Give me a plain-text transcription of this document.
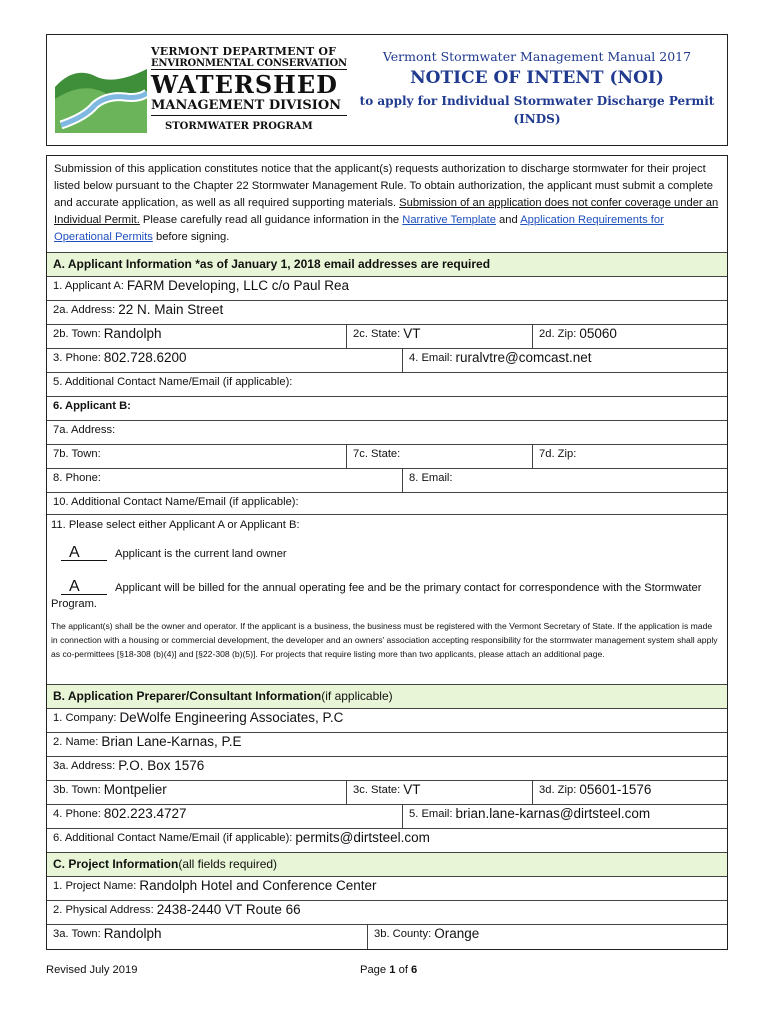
VERMONT DEPARTMENT OF
ENVIRONMENTAL CONSERVATION
WATERSHED
MANAGEMENT DIVISION
STORMWATER PROGRAM
Vermont Stormwater Management Manual 2017
NOTICE OF INTENT (NOI)
to apply for Individual Stormwater Discharge Permit
(INDS)
Submission of this application constitutes notice that the applicant(s) requests authorization to discharge stormwater for their project listed below pursuant to the Chapter 22 Stormwater Management Rule. To obtain authorization, the applicant must submit a complete and accurate application, as well as all required supporting materials. Submission of an application does not confer coverage under an Individual Permit. Please carefully read all guidance information in the Narrative Template and Application Requirements for Operational Permits before signing.
A. Applicant Information *as of January 1, 2018 email addresses are required
1. Applicant A: FARM Developing, LLC c/o Paul Rea
2a. Address: 22 N. Main Street
2b. Town: Randolph	2c. State: VT	2d. Zip: 05060
3. Phone: 802.728.6200	4. Email: ruralvtre@comcast.net
5. Additional Contact Name/Email (if applicable):
6. Applicant B:
7a. Address:
7b. Town:	7c. State:	7d. Zip:
8. Phone:	8. Email:
10. Additional Contact Name/Email (if applicable):
11. Please select either Applicant A or Applicant B:
A	Applicant is the current land owner
A	Applicant will be billed for the annual operating fee and be the primary contact for correspondence with the Stormwater Program.
The applicant(s) shall be the owner and operator. If the applicant is a business, the business must be registered with the Vermont Secretary of State. If the application is made in connection with a housing or commercial development, the developer and an owners' association accepting responsibility for the stormwater management system shall apply as co-permittees [§18-308 (b)(4)] and [§22-308 (b)(5)]. For projects that require listing more than two applicants, please attach an additional page.
B. Application Preparer/Consultant Information (if applicable)
1. Company: DeWolfe Engineering Associates, P.C
2. Name: Brian Lane-Karnas, P.E
3a. Address: P.O. Box 1576
3b. Town: Montpelier	3c. State: VT	3d. Zip: 05601-1576
4. Phone: 802.223.4727	5. Email: brian.lane-karnas@dirtsteel.com
6. Additional Contact Name/Email (if applicable): permits@dirtsteel.com
C. Project Information (all fields required)
1. Project Name: Randolph Hotel and Conference Center
2. Physical Address: 2438-2440 VT Route 66
3a. Town: Randolph	3b. County: Orange
Revised July 2019	Page 1 of 6
